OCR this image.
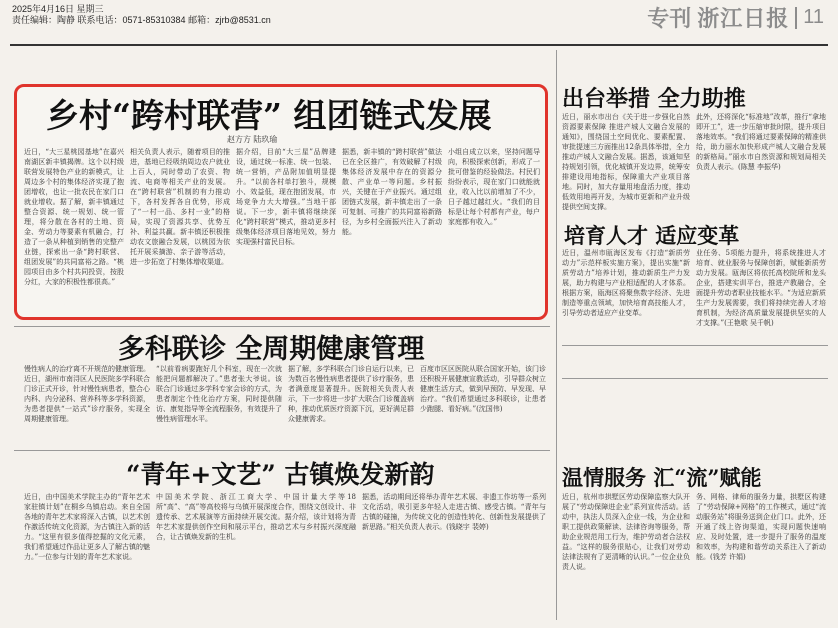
2025年4月16日 星期三
责任编辑：陶静 联系电话：0571-85310384 邮箱：zjrb@8531.cn	专刊 浙江日报 11
乡村“跨村联营” 组团链式发展
赵方方 陆玖瑜
近日，“大三星桃园基地”在嘉兴南湖区新丰镇揭牌。这个以村级联营发展特色产业的新模式，让周边多个村的集体经济实现了抱团增收，也让一批农民在家门口就业增收。据了解，新丰镇通过整合资源、统一规划、统一管理，将分散在各村的土地、资金、劳动力等要素有机融合，打造了一条从种植到销售的完整产业链，探索出一条“跨村联营、组团发展”的共同富裕之路。“桃园项目由多个村共同投资，按股分红，大家的积极性都很高。”
相关负责人表示，随着项目的推进，基地已经吸纳周边农户就业上百人，同时带动了农资、物流、电商等相关产业的发展。在“跨村联营”机制的有力推动下，各村发挥各自优势，形成了“一村一品、多村一业”的格局，实现了资源共享、优势互补、利益共赢。新丰镇还积极推动农文旅融合发展，以桃园为依托开展采摘游、亲子游等活动，进一步拓宽了村集体增收渠道。
据介绍，目前“大三星”品牌建设，通过统一标准、统一包装、统一营销，产品附加值明显提升。“以前各村单打独斗，规模小、效益低，现在抱团发展，市场竞争力大大增强。”当地干部说。下一步，新丰镇将继续深化“跨村联营”模式，推动更多村级集体经济项目落地见效，努力实现强村富民目标。
据悉，新丰镇的“跨村联营”做法已在全区推广，有效破解了村级集体经济发展中存在的资源分散、产业单一等问题。乡村振兴，关键在于产业振兴。通过组团链式发展，新丰镇走出了一条可复制、可推广的共同富裕新路径，为乡村全面振兴注入了新动能。
小组自成立以来，坚持问题导向，积极探索创新，形成了一批可借鉴的经验做法。村民们纷纷表示，现在家门口就能就业，收入比以前增加了不少，日子越过越红火。“我们的目标是让每个村都有产业，每户家庭都有收入。”
出台举措 全力助推
近日，丽水市出台《关于进一步强化自然资源要素保障 推进产城人文融合发展的通知》，围绕国土空间优化、要素配置、审批提速三方面推出12条具体举措，全力推动产城人文融合发展。据悉，该通知坚持规划引领，优化城镇开发边界，统筹安排建设用地指标，保障重大产业项目落地。同时，加大存量用地盘活力度，推动低效用地再开发，为城市更新和产业升级提供空间支撑。
此外，还将深化“标准地”改革，推行“拿地即开工”，进一步压缩审批时限，提升项目落地效率。“我们将通过要素保障的精准供给，助力丽水加快形成产城人文融合发展的新格局。”丽水市自然资源和规划局相关负责人表示。(陈慧 李振华)
培育人才 适应变革
近日，温州市瓯海区发布《打造“新质劳动力”示范样板实施方案》，提出实施“新质劳动力”培养计划，推动新质生产力发展，助力构建与产业相适配的人才体系。根据方案，瓯海区将聚焦数字经济、先进制造等重点领域，加快培育高技能人才，引导劳动者适应产业变革。
业任务、5项能力提升，将系统推进人才培育、就业服务与保障创新，赋能新质劳动力发展。瓯海区将依托高校院所和龙头企业，搭建实训平台，推进产教融合，全面提升劳动者职业技能水平。“为适应新质生产力发展需要，我们将持续完善人才培育机制，为经济高质量发展提供坚实的人才支撑。”(王艳歌 吴千帆)
多科联诊 全周期健康管理
慢性病人的治疗离不开规范的健康管理。近日，湖州市南浔区人民医院多学科联合门诊正式开诊，针对慢性病患者，整合心内科、内分泌科、营养科等多学科资源，为患者提供“一站式”诊疗服务，实现全周期健康管理。
“以前看病要跑好几个科室，现在一次就能把问题都解决了。”患者张大爷说。该联合门诊通过多学科专家会诊的方式，为患者制定个性化治疗方案，同时提供随访、康复指导等全流程服务，有效提升了慢性病管理水平。
据了解，多学科联合门诊自运行以来，已为数百名慢性病患者提供了诊疗服务，患者满意度显著提升。医院相关负责人表示，下一步将进一步扩大联合门诊覆盖病种，推动优质医疗资源下沉，更好满足群众健康需求。
百度市区区医院从联合国家开始，该门诊还积极开展健康宣教活动，引导群众树立健康生活方式，做到早预防、早发现、早治疗。“我们希望通过多科联诊，让患者少跑腿、看好病。”(沈国伟)
“青年+文艺” 古镇焕发新韵
近日，由中国美术学院主办的“青年艺术家驻镇计划”在桐乡乌镇启动。来自全国各地的青年艺术家将深入古镇，以艺术创作激活传统文化资源，为古镇注入新的活力。“这里有很多值得挖掘的文化元素，我们希望通过作品让更多人了解古镇的魅力。”一位参与计划的青年艺术家说。
中国美术学院、浙江工商大学、中国计量大学等18所“高”、“高”等高校将与乌镇开展深度合作，围绕文创设计、非遗传承、艺术展演等方面持续开展交流。据介绍，该计划将为青年艺术家提供创作空间和展示平台，推动艺术与乡村振兴深度融合，让古镇焕发新的生机。
据悉，活动期间还将举办青年艺术展、非遗工作坊等一系列文化活动，吸引更多年轻人走进古镇、感受古镇。“青年与古镇的碰撞，为传统文化的创造性转化、创新性发展提供了新思路。”相关负责人表示。(钱晓宇 裴婷)
温情服务 汇“流”赋能
近日，杭州市拱墅区劳动保障监察大队开展了“劳动保障进企业”系列宣传活动。活动中，执法人员深入企业一线，为企业和职工提供政策解读、法律咨询等服务，帮助企业规范用工行为，维护劳动者合法权益。“这样的服务很贴心，让我们对劳动法律法规有了更清晰的认识。”一位企业负责人说。
务、网格、律师的服务力量，拱墅区构建了“劳动保障+网格”的工作模式，通过“流动服务站”将服务送到企业门口。此外，还开通了线上咨询渠道，实现问题快速响应、及时处置，进一步提升了服务的温度和效率，为构建和谐劳动关系注入了新动能。(钱芳 许娟)
